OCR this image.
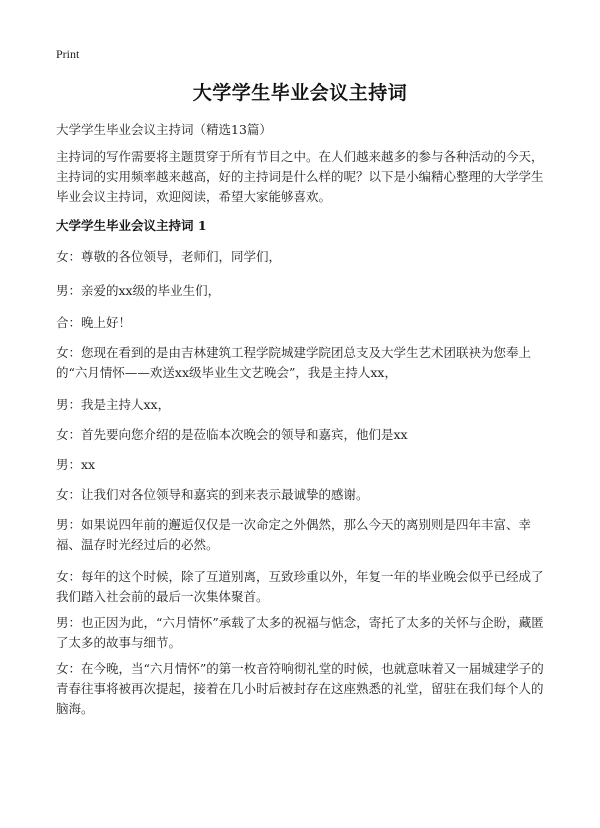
Print
大学学生毕业会议主持词
大学学生毕业会议主持词（精选13篇）
主持词的写作需要将主题贯穿于所有节目之中。在人们越来越多的参与各种活动的今天，主持词的实用频率越来越高，好的主持词是什么样的呢？以下是小编精心整理的大学学生毕业会议主持词，欢迎阅读，希望大家能够喜欢。
大学学生毕业会议主持词 1
女：尊敬的各位领导，老师们，同学们，
男：亲爱的xx级的毕业生们，
合：晚上好！
女：您现在看到的是由吉林建筑工程学院城建学院团总支及大学生艺术团联袂为您奉上的“六月情怀——欢送xx级毕业生文艺晚会”，我是主持人xx，
男：我是主持人xx，
女：首先要向您介绍的是莅临本次晚会的领导和嘉宾，他们是xx
男：xx
女：让我们对各位领导和嘉宾的到来表示最诚挚的感谢。
男：如果说四年前的邂逅仅仅是一次命定之外偶然，那么今天的离别则是四年丰富、幸福、温存时光经过后的必然。
女：每年的这个时候，除了互道别离，互致珍重以外，年复一年的毕业晚会似乎已经成了我们踏入社会前的最后一次集体聚首。
男：也正因为此，“六月情怀”承载了太多的祝福与惦念，寄托了太多的关怀与企盼，藏匿了太多的故事与细节。
女：在今晚，当“六月情怀”的第一枚音符响彻礼堂的时候，也就意味着又一届城建学子的青春往事将被再次提起，接着在几小时后被封存在这座熟悉的礼堂，留驻在我们每个人的脑海。
